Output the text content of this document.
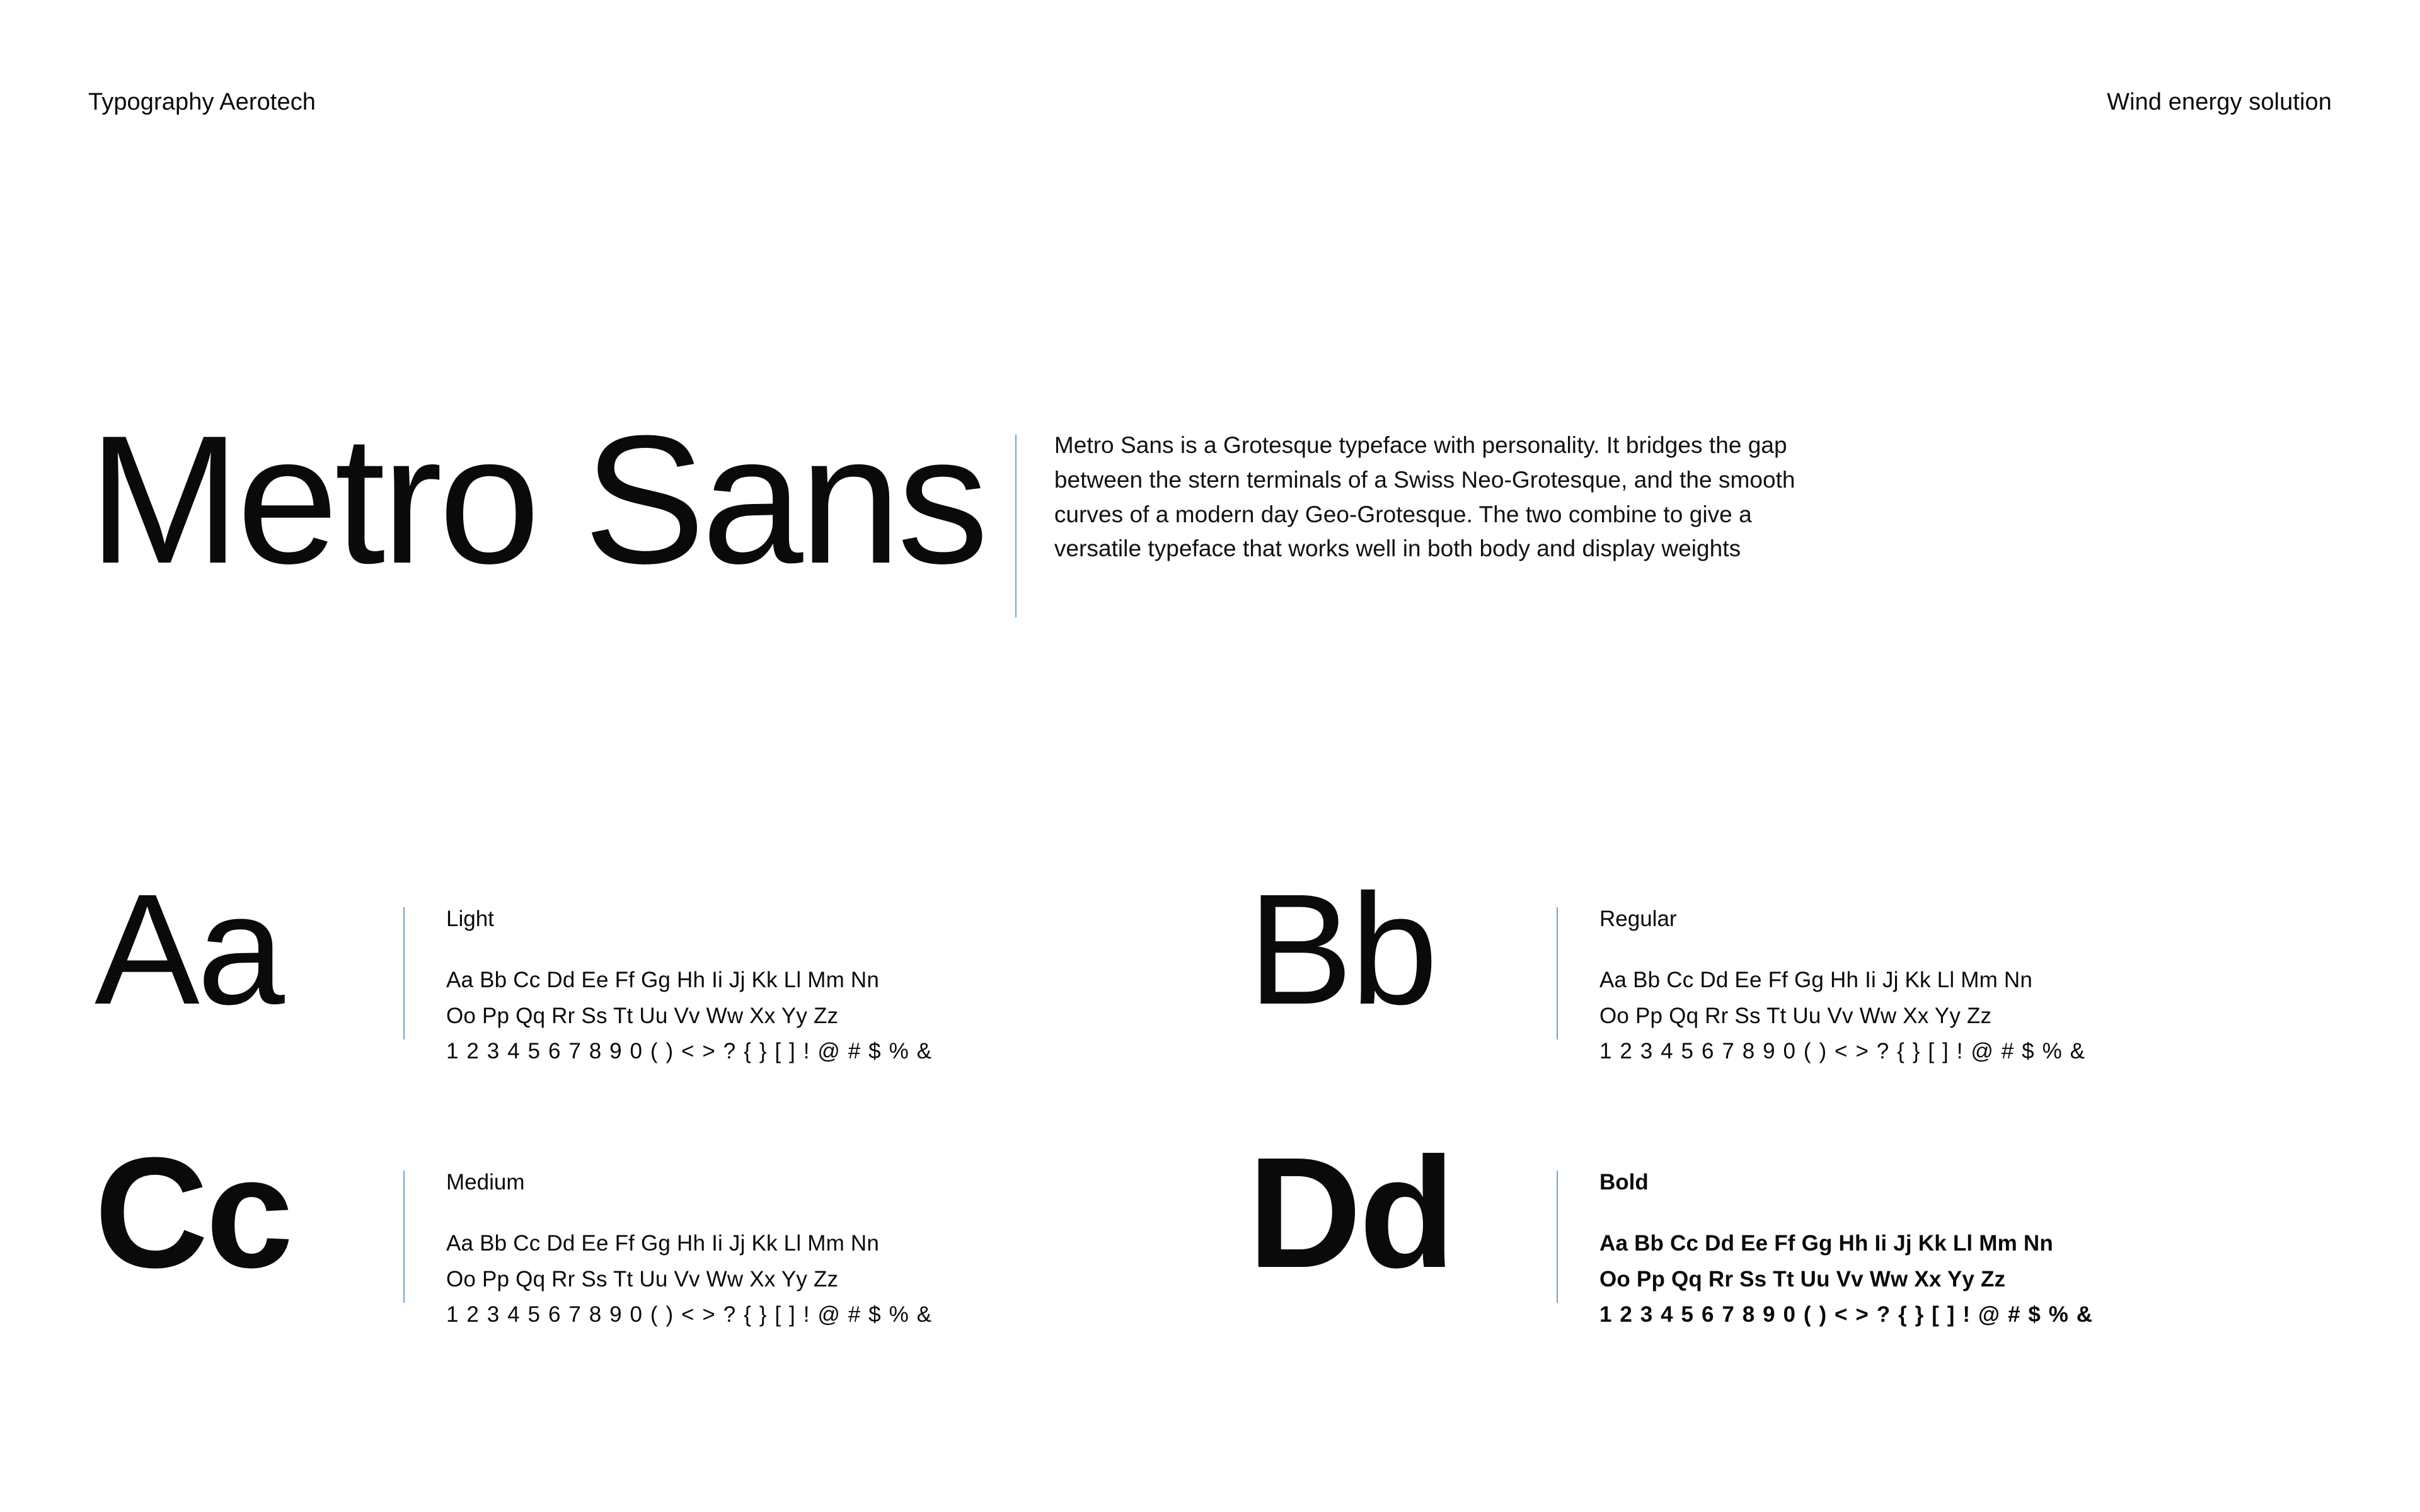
Typography Aerotech	Wind energy solution
Metro Sans	Metro Sans is a Grotesque typeface with personality. It bridges the gap between the stern terminals of a Swiss Neo-Grotesque, and the smooth curves of a modern day Geo-Grotesque. The two combine to give a versatile typeface that works well in both body and display weights
Aa	Light
Aa Bb Cc Dd Ee Ff Gg Hh Ii Jj Kk Ll Mm Nn
Oo Pp Qq Rr Ss Tt Uu Vv Ww Xx Yy Zz
1 2 3 4 5 6 7 8 9 0 ( ) < > ? { } [ ] ! @ # $ % &
Bb	Regular
Aa Bb Cc Dd Ee Ff Gg Hh Ii Jj Kk Ll Mm Nn
Oo Pp Qq Rr Ss Tt Uu Vv Ww Xx Yy Zz
1 2 3 4 5 6 7 8 9 0 ( ) < > ? { } [ ] ! @ # $ % &
Cc	Medium
Aa Bb Cc Dd Ee Ff Gg Hh Ii Jj Kk Ll Mm Nn
Oo Pp Qq Rr Ss Tt Uu Vv Ww Xx Yy Zz
1 2 3 4 5 6 7 8 9 0 ( ) < > ? { } [ ] ! @ # $ % &
Dd	Bold
Aa Bb Cc Dd Ee Ff Gg Hh Ii Jj Kk Ll Mm Nn
Oo Pp Qq Rr Ss Tt Uu Vv Ww Xx Yy Zz
1 2 3 4 5 6 7 8 9 0 ( ) < > ? { } [ ] ! @ # $ % &
